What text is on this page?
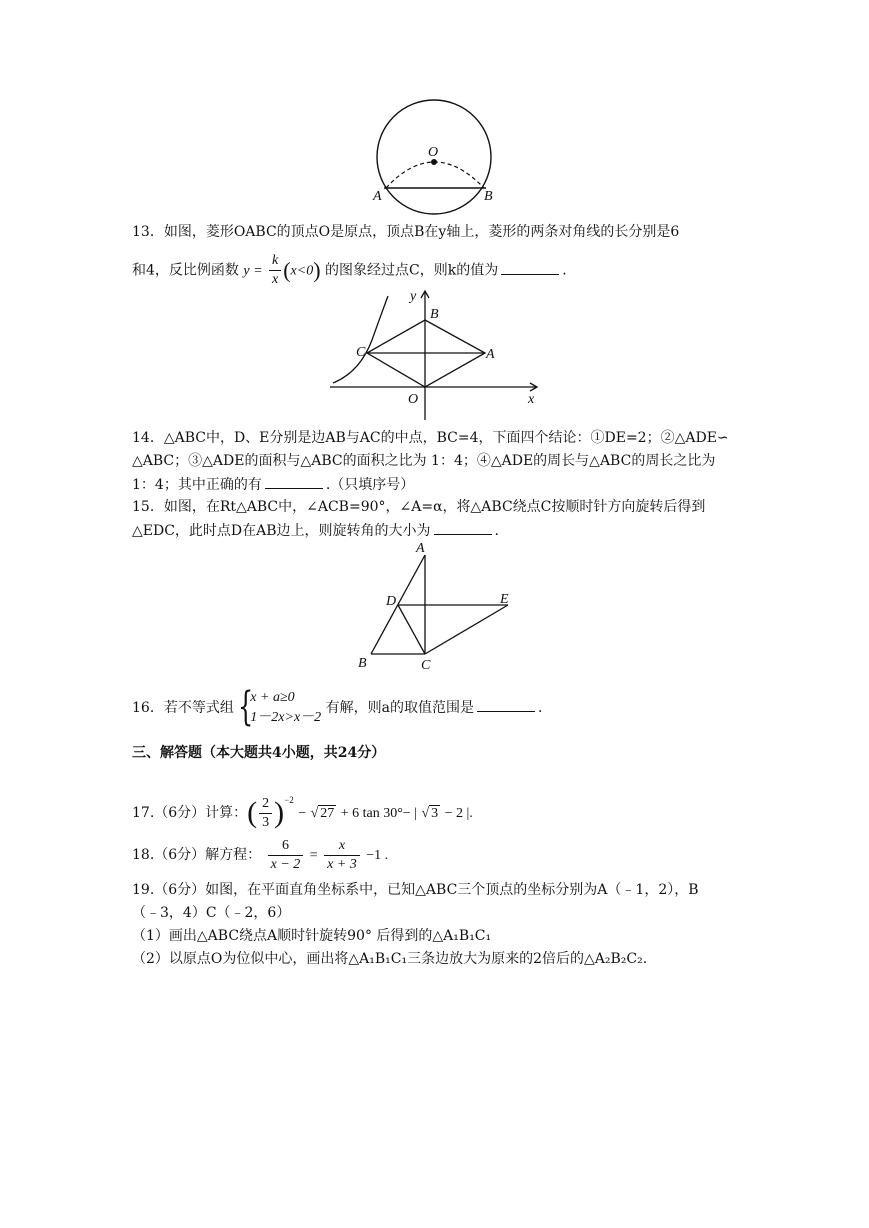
O
A	B
13．如图，菱形OABC的顶点O是原点，顶点B在y轴上，菱形的两条对角线的长分别是6
和4，反比例函数 $y = \frac{k}{x} (x<0)$ 的图象经过点C，则k的值为	.
y
x
B
C	A
O
14．△ABC中，D、E分别是边AB与AC的中点，BC=4，下面四个结论：①DE=2；②△ADE∽
△ABC；③△ADE的面积与△ABC的面积之比为 1：4；④△ADE的周长与△ABC的周长之比为
1：4；其中正确的有	.（只填序号）
15．如图，在Rt△ABC中，∠ACB=90°，∠A=α，将△ABC绕点C按顺时针方向旋转后得到
△EDC，此时点D在AB边上，则旋转角的大小为	.
A
D	E
B	C
16．若不等式组 {
x + a≥0
1－2x>x－2
有解，则a的取值范围是	.
三、解答题（本大题共4小题，共24分）
17.（6分）计算：( $\frac{2}{3} )^{-2}$ − √ 27 + 6 tan 30°− | √ 3 − 2 |.
18.（6分）解方程： $\frac{6}{x - 2} = \frac{x}{x + 3} -1$ .
19.（6分）如图，在平面直角坐标系中，已知△ABC三个顶点的坐标分别为A（﹣1，2），B
（﹣3，4）C（﹣2，6）
（1）画出△ABC绕点A顺时针旋转90° 后得到的△A₁B₁C₁
（2）以原点O为位似中心，画出将△A₁B₁C₁三条边放大为原来的2倍后的△A₂B₂C₂.
